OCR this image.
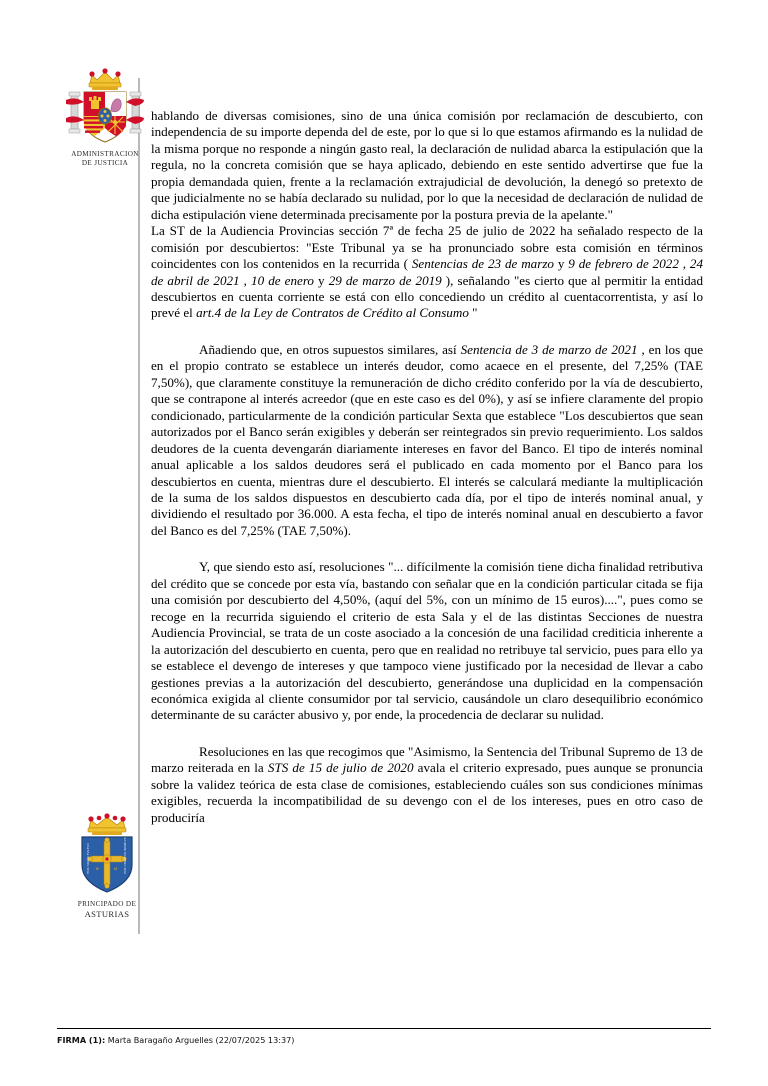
ADMINISTRACION
DE JUSTICIA
α	ω
HOC SIGNO TVETVR	HOC VINCITVR INIMICVS
PRINCIPADO DE
ASTURIAS

hablando de diversas comisiones, sino de una única comisión por reclamación de descubierto, con independencia de su importe dependa del de este, por lo que si lo que estamos afirmando es la nulidad de la misma porque no responde a ningún gasto real, la declaración de nulidad abarca la estipulación que la regula, no la concreta comisión que se haya aplicado, debiendo en este sentido advertirse que fue la propia demandada quien, frente a la reclamación extrajudicial de devolución, la denegó so pretexto de que judicialmente no se había declarado su nulidad, por lo que la necesidad de declaración de nulidad de dicha estipulación viene determinada precisamente por la postura previa de la apelante."

La ST de la Audiencia Provincias sección 7ª de fecha 25 de julio de 2022 ha señalado respecto de la comisión por descubiertos: "Este Tribunal ya se ha pronunciado sobre esta comisión en términos coincidentes con los contenidos en la recurrida ( Sentencias de 23 de marzo y 9 de febrero de 2022 , 24 de abril de 2021 , 10 de enero y 29 de marzo de 2019 ), señalando "es cierto que al permitir la entidad descubiertos en cuenta corriente se está con ello concediendo un crédito al cuentacorrentista, y así lo prevé el art.4 de la Ley de Contratos de Crédito al Consumo "

Añadiendo que, en otros supuestos similares, así Sentencia de 3 de marzo de 2021 , en los que en el propio contrato se establece un interés deudor, como acaece en el presente, del 7,25% (TAE 7,50%), que claramente constituye la remuneración de dicho crédito conferido por la vía de descubierto, que se contrapone al interés acreedor (que en este caso es del 0%), y así se infiere claramente del propio condicionado, particularmente de la condición particular Sexta que establece "Los descubiertos que sean autorizados por el Banco serán exigibles y deberán ser reintegrados sin previo requerimiento. Los saldos deudores de la cuenta devengarán diariamente intereses en favor del Banco. El tipo de interés nominal anual aplicable a los saldos deudores será el publicado en cada momento por el Banco para los descubiertos en cuenta, mientras dure el descubierto. El interés se calculará mediante la multiplicación de la suma de los saldos dispuestos en descubierto cada día, por el tipo de interés nominal anual, y dividiendo el resultado por 36.000. A esta fecha, el tipo de interés nominal anual en descubierto a favor del Banco es del 7,25% (TAE 7,50%).

Y, que siendo esto así, resoluciones "... difícilmente la comisión tiene dicha finalidad retributiva del crédito que se concede por esta vía, bastando con señalar que en la condición particular citada se fija una comisión por descubierto del 4,50%, (aquí del 5%, con un mínimo de 15 euros)....", pues como se recoge en la recurrida siguiendo el criterio de esta Sala y el de las distintas Secciones de nuestra Audiencia Provincial, se trata de un coste asociado a la concesión de una facilidad crediticia inherente a la autorización del descubierto en cuenta, pero que en realidad no retribuye tal servicio, pues para ello ya se establece el devengo de intereses y que tampoco viene justificado por la necesidad de llevar a cabo gestiones previas a la autorización del descubierto, generándose una duplicidad en la compensación económica exigida al cliente consumidor por tal servicio, causándole un claro desequilibrio económico determinante de su carácter abusivo y, por ende, la procedencia de declarar su nulidad.

Resoluciones en las que recogimos que "Asimismo, la Sentencia del Tribunal Supremo de 13 de marzo reiterada en la STS de 15 de julio de 2020 avala el criterio expresado, pues aunque se pronuncia sobre la validez teórica de esta clase de comisiones, estableciendo cuáles son sus condiciones mínimas exigibles, recuerda la incompatibilidad de su devengo con el de los intereses, pues en otro caso de produciría

FIRMA (1): Marta Baragaño Arguelles (22/07/2025 13:37)
